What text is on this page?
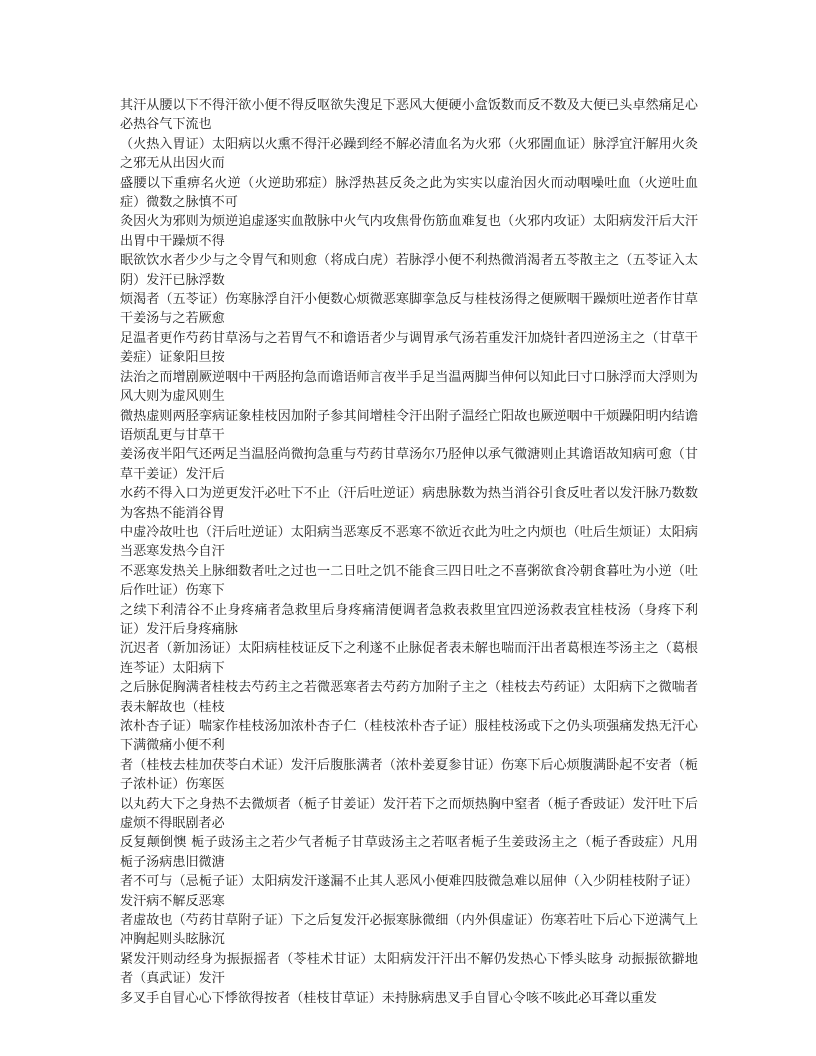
其汗从腰以下不得汗欲小便不得反呕欲失溲足下恶风大便硬小盒饭数而反不数及大便已头卓然痛足心必热谷气下流也

（火热入胃证）太阳病以火熏不得汗必躁到经不解必清血名为火邪（火邪圊血证）脉浮宜汗解用火灸之邪无从出因火而

盛腰以下重痹名火逆（火逆助邪症）脉浮热甚反灸之此为实实以虚治因火而动咽噪吐血（火逆吐血症）微数之脉慎不可

灸因火为邪则为烦逆追虚逐实血散脉中火气内攻焦骨伤筋血难复也（火邪内攻证）太阳病发汗后大汗出胃中干躁烦不得

眠欲饮水者少少与之令胃气和则愈（将成白虎）若脉浮小便不利热微消渴者五苓散主之（五苓证入太阴）发汗已脉浮数

烦渴者（五苓证）伤寒脉浮自汗小便数心烦微恶寒脚挛急反与桂枝汤得之便厥咽干躁烦吐逆者作甘草干姜汤与之若厥愈

足温者更作芍药甘草汤与之若胃气不和谵语者少与调胃承气汤若重发汗加烧针者四逆汤主之（甘草干姜症）证象阳旦按

法治之而增剧厥逆咽中干两胫拘急而谵语师言夜半手足当温两脚当伸何以知此曰寸口脉浮而大浮则为风大则为虚风则生

微热虚则两胫挛病证象桂枝因加附子参其间增桂令汗出附子温经亡阳故也厥逆咽中干烦躁阳明内结谵语烦乱更与甘草干

姜汤夜半阳气还两足当温胫尚微拘急重与芍药甘草汤尔乃胫伸以承气微溏则止其谵语故知病可愈（甘草干姜证）发汗后

水药不得入口为逆更发汗必吐下不止（汗后吐逆证）病患脉数为热当消谷引食反吐者以发汗脉乃数数为客热不能消谷胃

中虚冷故吐也（汗后吐逆证）太阳病当恶寒反不恶寒不欲近衣此为吐之内烦也（吐后生烦证）太阳病当恶寒发热今自汗

不恶寒发热关上脉细数者吐之过也一二日吐之饥不能食三四日吐之不喜粥欲食冷朝食暮吐为小逆（吐后作吐证）伤寒下

之续下利清谷不止身疼痛者急救里后身疼痛清便调者急救表救里宜四逆汤救表宜桂枝汤（身疼下利证）发汗后身疼痛脉

沉迟者（新加汤证）太阳病桂枝证反下之利遂不止脉促者表未解也喘而汗出者葛根连芩汤主之（葛根连芩证）太阳病下

之后脉促胸满者桂枝去芍药主之若微恶寒者去芍药方加附子主之（桂枝去芍药证）太阳病下之微喘者表未解故也（桂枝

浓朴杏子证）喘家作桂枝汤加浓朴杏子仁（桂枝浓朴杏子证）服桂枝汤或下之仍头项强痛发热无汗心下满微痛小便不利

者（桂枝去桂加茯苓白术证）发汗后腹胀满者（浓朴姜夏参甘证）伤寒下后心烦腹满卧起不安者（栀子浓朴证）伤寒医

以丸药大下之身热不去微烦者（栀子甘姜证）发汗若下之而烦热胸中窒者（栀子香豉证）发汗吐下后虚烦不得眠剧者必

反复颠倒懊 栀子豉汤主之若少气者栀子甘草豉汤主之若呕者栀子生姜豉汤主之（栀子香豉症）凡用栀子汤病患旧微溏

者不可与（忌栀子证）太阳病发汗遂漏不止其人恶风小便难四肢微急难以屈伸（入少阴桂枝附子证）发汗病不解反恶寒

者虚故也（芍药甘草附子证）下之后复发汗必振寒脉微细（内外俱虚证）伤寒若吐下后心下逆满气上冲胸起则头眩脉沉

紧发汗则动经身为振振摇者（苓桂术甘证）太阳病发汗汗出不解仍发热心下悸头眩身 动振振欲擗地者（真武证）发汗

多叉手自冒心心下悸欲得按者（桂枝甘草证）未持脉病患叉手自冒心令咳不咳此必耳聋以重发
